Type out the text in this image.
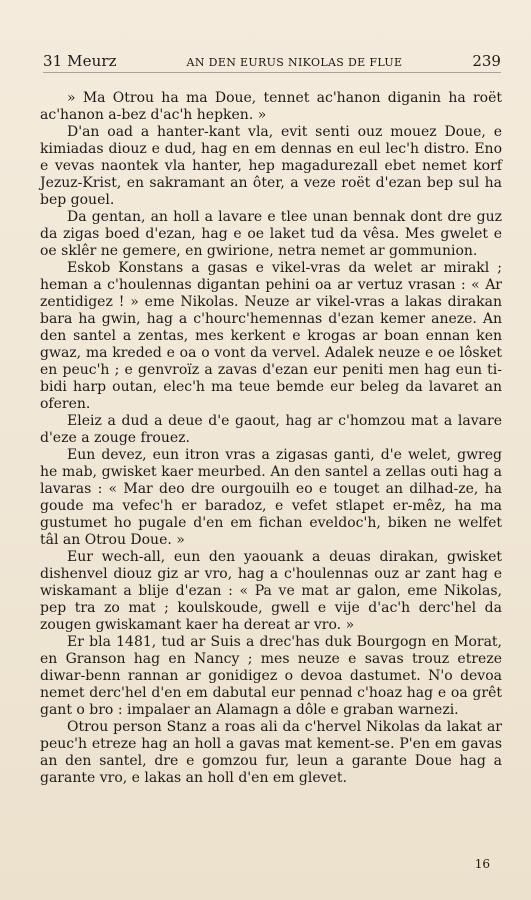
31 Meurz	AN DEN EURUS NIKOLAS DE FLUE	239

» Ma Otrou ha ma Doue, tennet ac'hanon diganin ha roët ac'hanon a-bez d'ac'h hepken. »

D'an oad a hanter-kant vla, evit senti ouz mouez Doue, e kimiadas diouz e dud, hag en em dennas en eul lec'h distro. Eno e vevas naontek vla hanter, hep magadurezall ebet nemet korf Jezuz-Krist, en sakramant an ôter, a veze roët d'ezan bep sul ha bep gouel.

Da gentan, an holl a lavare e tlee unan bennak dont dre guz da zigas boed d'ezan, hag e oe laket tud da vêsa. Mes gwelet e oe sklêr ne gemere, en gwirione, netra nemet ar gommunion.

Eskob Konstans a gasas e vikel-vras da welet ar mirakl ; heman a c'houlennas digantan pehini oa ar vertuz vrasan : « Ar zentidigez ! » eme Nikolas. Neuze ar vikel-vras a lakas dirakan bara ha gwin, hag a c'hourc'hemennas d'ezan kemer aneze. An den santel a zentas, mes kerkent e krogas ar boan ennan ken gwaz, ma kreded e oa o vont da vervel. Adalek neuze e oe lôsket en peuc'h ; e genvroïz a zavas d'ezan eur peniti men hag eun ti-bidi harp outan, elec'h ma teue bemde eur beleg da lavaret an oferen.

Eleiz a dud a deue d'e gaout, hag ar c'homzou mat a lavare d'eze a zouge frouez.

Eun devez, eun itron vras a zigasas ganti, d'e welet, gwreg he mab, gwisket kaer meurbed. An den santel a zellas outi hag a lavaras : « Mar deo dre ourgouilh eo e touget an dilhad-ze, ha goude ma vefec'h er baradoz, e vefet stlapet er-mêz, ha ma gustumet ho pugale d'en em fichan eveldoc'h, biken ne welfet tâl an Otrou Doue. »

Eur wech-all, eun den yaouank a deuas dirakan, gwisket dishenvel diouz giz ar vro, hag a c'houlennas ouz ar zant hag e wiskamant a blije d'ezan : « Pa ve mat ar galon, eme Nikolas, pep tra zo mat ; koulskoude, gwell e vije d'ac'h derc'hel da zougen gwiskamant kaer ha dereat ar vro. »

Er bla 1481, tud ar Suis a drec'has duk Bourgogn en Morat, en Granson hag en Nancy ; mes neuze e savas trouz etreze diwar-benn rannan ar gonidigez o devoa dastumet. N'o devoa nemet derc'hel d'en em dabutal eur pennad c'hoaz hag e oa grêt gant o bro : impalaer an Alamagn a dôle e graban warnezi.

Otrou person Stanz a roas ali da c'hervel Nikolas da lakat ar peuc'h etreze hag an holl a gavas mat kement-se. P'en em gavas an den santel, dre e gomzou fur, leun a garante Doue hag a garante vro, e lakas an holl d'en em glevet.

16
